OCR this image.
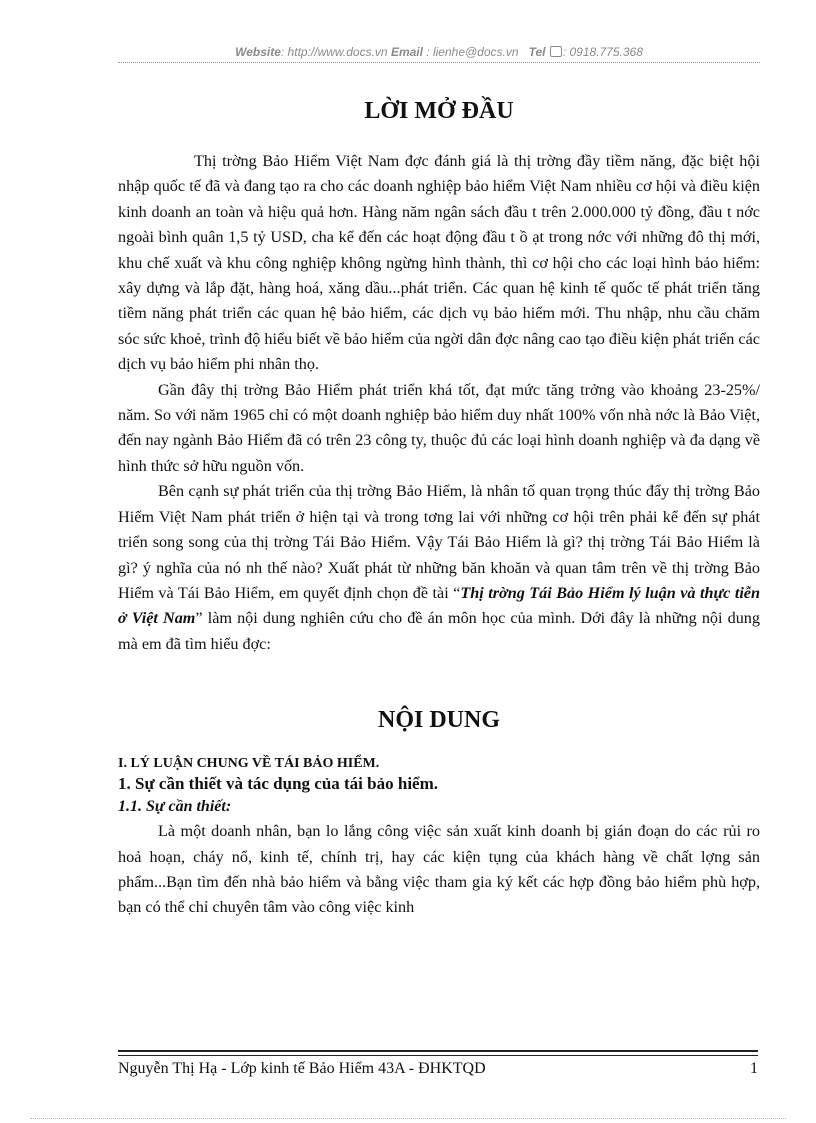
Website: http://www.docs.vn Email : lienhe@docs.vn Tel : 0918.775.368
LỜI MỞ ĐẦU

Thị trờng Bảo Hiểm Việt Nam đợc đánh giá là thị trờng đầy tiềm năng, đặc biệt hội nhập quốc tế đã và đang tạo ra cho các doanh nghiệp bảo hiểm Việt Nam nhiều cơ hội và điều kiện kinh doanh an toàn và hiệu quả hơn. Hàng năm ngân sách đầu t trên 2.000.000 tỷ đồng, đầu t nớc ngoài bình quân 1,5 tỷ USD, cha kể đến các hoạt động đầu t ồ ạt trong nớc với những đô thị mới, khu chế xuất và khu công nghiệp không ngừng hình thành, thì cơ hội cho các loại hình bảo hiểm: xây dựng và lắp đặt, hàng hoá, xăng dầu...phát triển. Các quan hệ kinh tế quốc tế phát triển tăng tiềm năng phát triển các quan hệ bảo hiểm, các dịch vụ bảo hiểm mới. Thu nhập, nhu cầu chăm sóc sức khoẻ, trình độ hiểu biết về bảo hiểm của ngời dân đợc nâng cao tạo điều kiện phát triển các dịch vụ bảo hiểm phi nhân thọ.

Gần đây thị trờng Bảo Hiểm phát triển khá tốt, đạt mức tăng trởng vào khoảng 23-25%/ năm. So với năm 1965 chỉ có một doanh nghiệp bảo hiểm duy nhất 100% vốn nhà nớc là Bảo Việt, đến nay ngành Bảo Hiểm đã có trên 23 công ty, thuộc đủ các loại hình doanh nghiệp và đa dạng về hình thức sở hữu nguồn vốn.

Bên cạnh sự phát triển của thị trờng Bảo Hiểm, là nhân tố quan trọng thúc đẩy thị trờng Bảo Hiểm Việt Nam phát triển ở hiện tại và trong tơng lai với những cơ hội trên phải kể đến sự phát triển song song của thị trờng Tái Bảo Hiểm. Vậy Tái Bảo Hiểm là gì? thị trờng Tái Bảo Hiểm là gì? ý nghĩa của nó nh thế nào? Xuất phát từ những băn khoăn và quan tâm trên về thị trờng Bảo Hiểm và Tái Bảo Hiểm, em quyết định chọn đề tài “Thị trờng Tái Bảo Hiểm lý luận và thực tiễn ở Việt Nam” làm nội dung nghiên cứu cho đề án môn học của mình. Dới đây là những nội dung mà em đã tìm hiểu đợc:

NỘI DUNG
I. LÝ LUẬN CHUNG VỀ TÁI BẢO HIỂM.
1. Sự cần thiết và tác dụng của tái bảo hiểm.
1.1. Sự cần thiết:

Là một doanh nhân, bạn lo lắng công việc sản xuất kinh doanh bị gián đoạn do các rủi ro hoả hoạn, cháy nổ, kinh tế, chính trị, hay các kiện tụng của khách hàng về chất lợng sản phẩm...Bạn tìm đến nhà bảo hiểm và bằng việc tham gia ký kết các hợp đồng bảo hiểm phù hợp, bạn có thể chỉ chuyên tâm vào công việc kinh

Nguyễn Thị Hạ - Lớp kinh tế Bảo Hiểm 43A - ĐHKTQD	1
